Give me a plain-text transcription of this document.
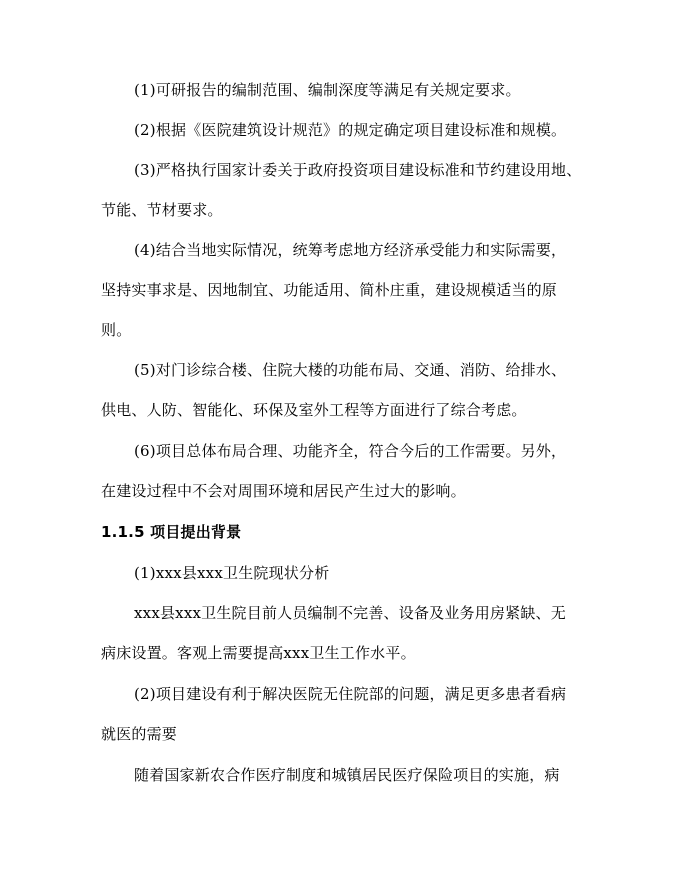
(1)可研报告的编制范围、编制深度等满足有关规定要求。
(2)根据《医院建筑设计规范》的规定确定项目建设标准和规模。
(3)严格执行国家计委关于政府投资项目建设标准和节约建设用地、
节能、节材要求。
(4)结合当地实际情况，统筹考虑地方经济承受能力和实际需要，
坚持实事求是、因地制宜、功能适用、简朴庄重，建设规模适当的原
则。
(5)对门诊综合楼、住院大楼的功能布局、交通、消防、给排水、
供电、人防、智能化、环保及室外工程等方面进行了综合考虑。
(6)项目总体布局合理、功能齐全，符合今后的工作需要。另外，
在建设过程中不会对周围环境和居民产生过大的影响。
1.1.5 项目提出背景
(1)xxx县xxx卫生院现状分析
xxx县xxx卫生院目前人员编制不完善、设备及业务用房紧缺、无
病床设置。客观上需要提高xxx卫生工作水平。
(2)项目建设有利于解决医院无住院部的问题，满足更多患者看病
就医的需要
随着国家新农合作医疗制度和城镇居民医疗保险项目的实施，病
